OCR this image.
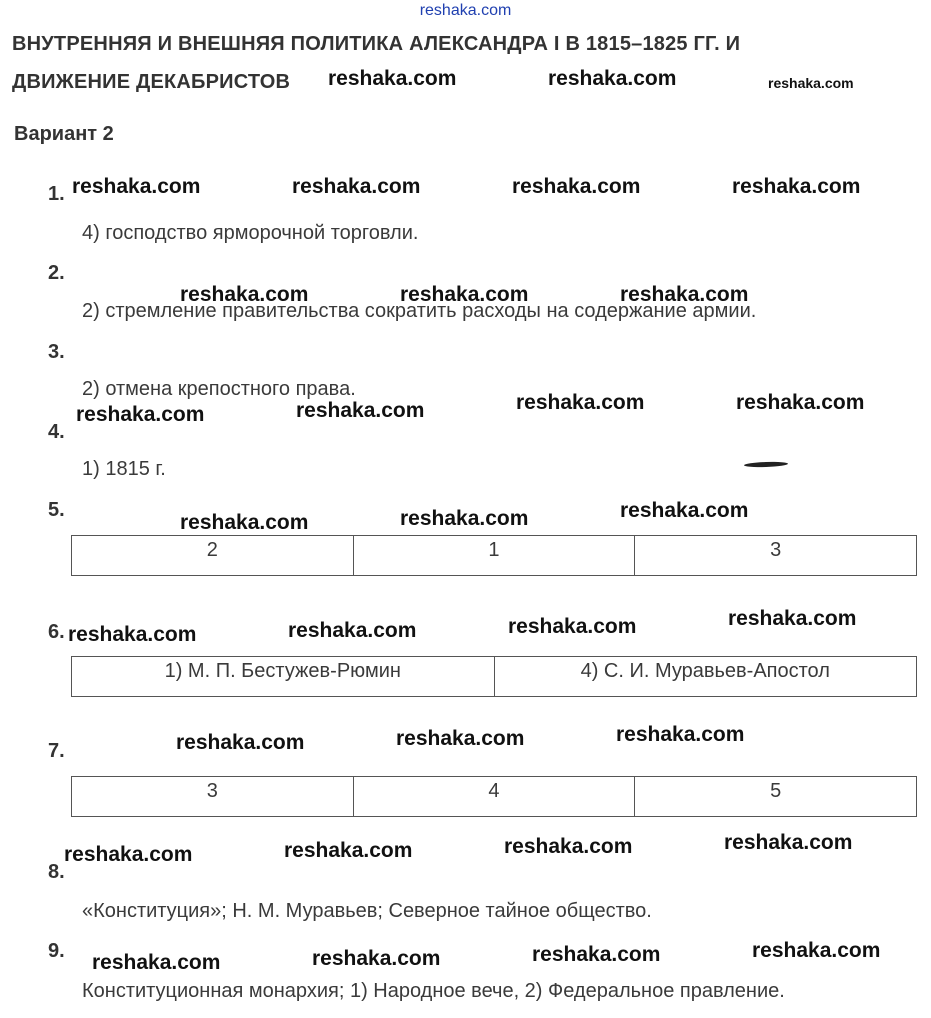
reshaka.com
ВНУТРЕННЯЯ И ВНЕШНЯЯ ПОЛИТИКА АЛЕКСАНДРА I В 1815–1825 ГГ. И
ДВИЖЕНИЕ ДЕКАБРИСТОВ
Вариант 2
1.
2.
3.
4.
5.
6.
7.
8.
9.
4) господство ярморочной торговли.
2) стремление правительства сократить расходы на содержание армии.
2) отмена крепостного права.
1) 1815 г.
2	1	3
1) М. П. Бестужев-Рюмин	4) С. И. Муравьев-Апостол
3	4	5
«Конституция»; Н. М. Муравьев; Северное тайное общество.
Конституционная монархия; 1) Народное вече, 2) Федеральное правление.
reshaka.com	reshaka.com	reshaka.com
reshaka.com	reshaka.com	reshaka.com	reshaka.com
reshaka.com	reshaka.com	reshaka.com
reshaka.com	reshaka.com	reshaka.com	reshaka.com
reshaka.com	reshaka.com	reshaka.com
reshaka.com	reshaka.com	reshaka.com	reshaka.com
reshaka.com	reshaka.com	reshaka.com
reshaka.com	reshaka.com	reshaka.com	reshaka.com
reshaka.com	reshaka.com	reshaka.com	reshaka.com
